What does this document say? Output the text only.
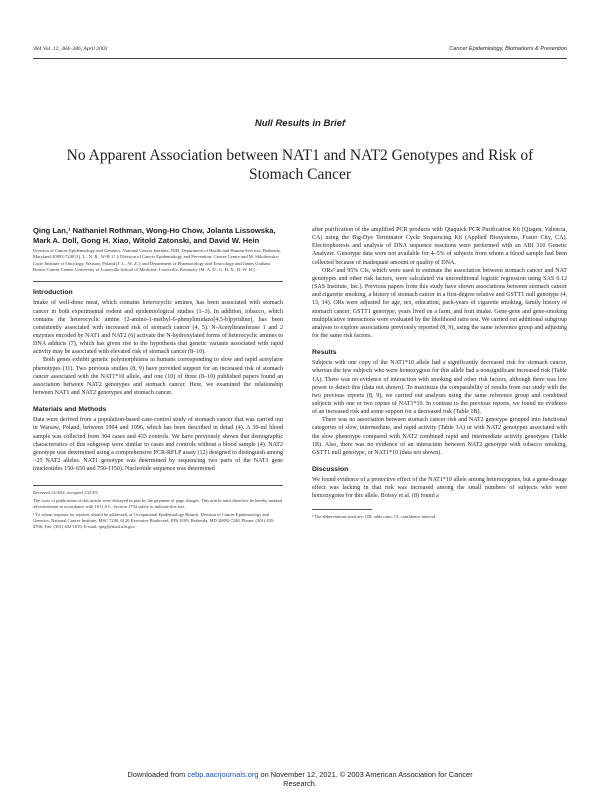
384 Vol. 12, 384–386, April 2003	Cancer Epidemiology, Biomarkers & Prevention
Null Results in Brief
No Apparent Association between NAT1 and NAT2 Genotypes and Risk of Stomach Cancer
Qing Lan,¹ Nathaniel Rothman, Wong-Ho Chow, Jolanta Lissowska, Mark A. Doll, Gong H. Xiao, Witold Zatonski, and David W. Hein
Division of Cancer Epidemiology and Genetics, National Cancer Institute, NIH, Department of Health and Human Services, Bethesda, Maryland 20892-7240 [Q. L., N. R., W-H. C.]; Division of Cancer Epidemiology and Prevention, Cancer Centre and M. Sklodowska-Curie Institute of Oncology, Warsaw, Poland [J. L., W. Z.]; and Department of Pharmacology and Toxicology and James Graham Brown Cancer Center, University of Louisville School of Medicine, Louisville, Kentucky [M. A. D., G. H. X., D. W. H.]
Introduction

Intake of well-done meat, which contains heterocyclic amines, has been associated with stomach cancer in both experimental rodent and epidemiological studies (1–3). In addition, tobacco, which contains the heterocyclic amine (2-amino-1-methyl-6-phenylimidazo[4,5-b]pyridine), has been consistently associated with increased risk of stomach cancer (4, 5). N-Acetyltransferase 1 and 2 enzymes encoded by NAT1 and NAT2 (6) activate the N-hydroxylated forms of heterocyclic amines to DNA adducts (7), which has given rise to the hypothesis that genetic variants associated with rapid activity may be associated with elevated risk of stomach cancer (8–10).

Both genes exhibit genetic polymorphisms in humans corresponding to slow and rapid acetylator phenotypes (11). Two previous studies (8, 9) have provided support for an increased risk of stomach cancer associated with the NAT1*10 allele, and one (10) of three (8–10) published papers found an association between NAT2 genotypes and stomach cancer. Here, we examined the relationship between NAT1 and NAT2 genotypes and stomach cancer.

Materials and Methods

Data were derived from a population-based case-control study of stomach cancer that was carried out in Warsaw, Poland, between 1994 and 1996, which has been described in detail (4). A 30-ml blood sample was collected from 304 cases and 433 controls. We have previously shown that demographic characteristics of this subgroup were similar to cases and controls without a blood sample (4). NAT2 genotype was determined using a comprehensive PCR-RFLP assay (12) designed to distinguish among >25 NAT2 alleles. NAT1 genotype was determined by sequencing two parts of the NAT1 gene (nucleotides 150–650 and 750-1150). Nucleotide sequence was determined

Received 12/4/02; accepted 1/21/03.
The costs of publication of this article were defrayed in part by the payment of page charges. This article must therefore be hereby marked advertisement in accordance with 18 U.S.C. Section 1734 solely to indicate this fact.
¹ To whom requests for reprints should be addressed, at Occupational Epidemiology Branch, Division of Cancer Epidemiology and Genetics, National Cancer Institute, MSC 7240, 6120 Executive Boulevard, EPS 8109, Bethesda, MD 20892-7240. Phone: (301) 435-4706; Fax: (301) 402-1819; E-mail: qingl@mail.nih.gov.

after purification of the amplified PCR products with Qiaquick PCR Purification Kit (Qiagen, Valencia, CA) using the Big-Dye Terminator Cycle Sequencing Kit (Applied Biosystems, Foster City, CA). Electrophoresis and analysis of DNA sequence reactions were performed with an ABI 310 Genetic Analyzer. Genotype data were not available for 4–5% of subjects from whom a blood sample had been collected because of inadequate amount or quality of DNA.

ORs² and 95% CIs, which were used to estimate the association between stomach cancer and NAT genotypes and other risk factors, were calculated via unconditional logistic regression using SAS 6.12 (SAS Institute, Inc.). Previous papers from this study have shown associations between stomach cancer and cigarette smoking, a history of stomach cancer in a first-degree relative and GSTT1 null genotype (4, 13, 14). ORs were adjusted for age, sex, education, pack-years of cigarette smoking, family history of stomach cancer, GSTT1 genotype, years lived on a farm, and fruit intake. Gene-gene and gene-smoking multiplicative interactions were evaluated by the likelihood ratio test. We carried out additional subgroup analyses to explore associations previously reported (8, 9), using the same reference group and adjusting for the same risk factors.

Results

Subjects with one copy of the NAT1*10 allele had a significantly decreased risk for stomach cancer, whereas the few subjects who were homozygous for this allele had a nonsignificant increased risk (Table 1A). There was no evidence of interaction with smoking and other risk factors, although there was low power to detect this (data not shown). To maximize the comparability of results from our study with the two previous reports (8, 9), we carried out analyses using the same reference group and combined subjects with one or two copies of NAT1*10. In contrast to the previous reports, we found no evidence of an increased risk and some support for a decreased risk (Table 1B).

There was no association between stomach cancer risk and NAT2 genotype grouped into functional categories of slow, intermediate, and rapid activity (Table 1A) or with NAT2 genotypes associated with the slow phenotype compared with NAT2 combined rapid and intermediate activity genotypes (Table 1B). Also, there was no evidence of an interaction between NAT2 genotype with tobacco smoking, GSTT1 null genotype, or NAT1*10 (data not shown).

Discussion

We found evidence of a protective effect of the NAT1*10 allele among heterozygotes, but a gene-dosage effect was lacking in that risk was increased among the small numbers of subjects who were homozygotes for this allele. Boissy et al. (8) found a

² The abbreviations used are: OR, odds ratio; CI, confidence interval.
Downloaded from cebp.aacrjournals.org on November 12, 2021. © 2003 American Association for Cancer
Research.
